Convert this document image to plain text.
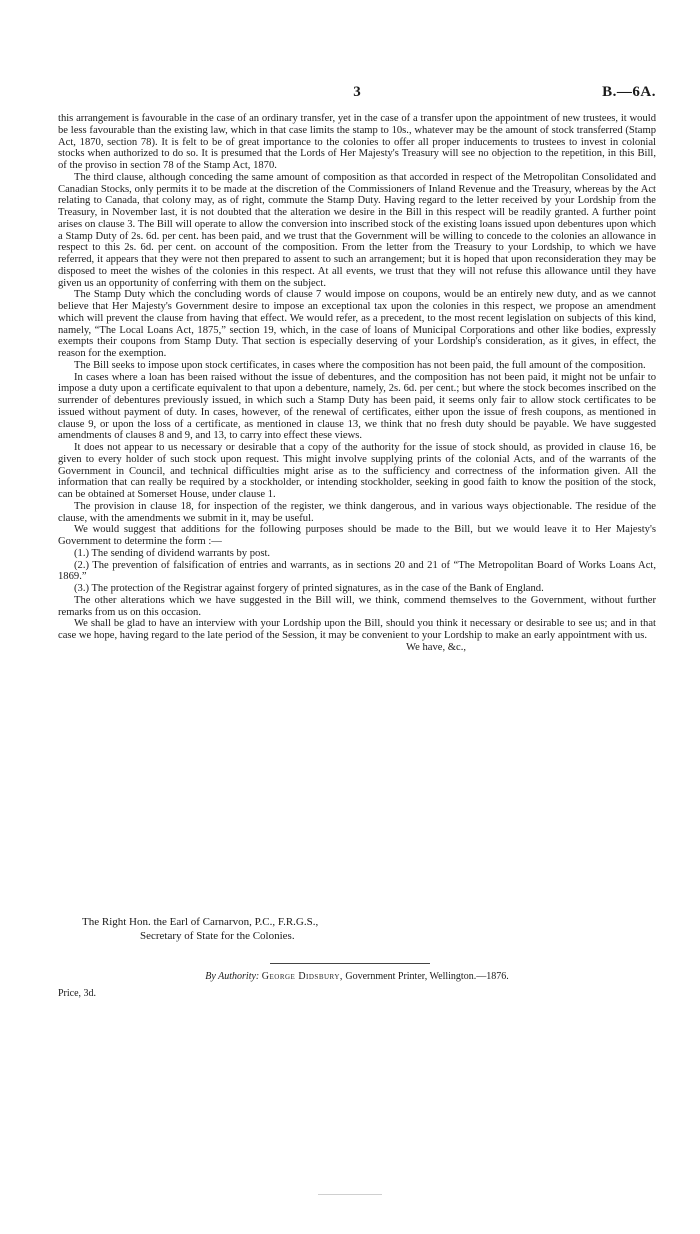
3	B.—6A.

this arrangement is favourable in the case of an ordinary transfer, yet in the case of a transfer upon the appointment of new trustees, it would be less favourable than the existing law, which in that case limits the stamp to 10s., whatever may be the amount of stock transferred (Stamp Act, 1870, section 78). It is felt to be of great importance to the colonies to offer all proper inducements to trustees to invest in colonial stocks when authorized to do so. It is presumed that the Lords of Her Majesty's Treasury will see no objection to the repetition, in this Bill, of the proviso in section 78 of the Stamp Act, 1870.

The third clause, although conceding the same amount of composition as that accorded in respect of the Metropolitan Consolidated and Canadian Stocks, only permits it to be made at the discretion of the Commissioners of Inland Revenue and the Treasury, whereas by the Act relating to Canada, that colony may, as of right, commute the Stamp Duty. Having regard to the letter received by your Lordship from the Treasury, in November last, it is not doubted that the alteration we desire in the Bill in this respect will be readily granted. A further point arises on clause 3. The Bill will operate to allow the conversion into inscribed stock of the existing loans issued upon debentures upon which a Stamp Duty of 2s. 6d. per cent. has been paid, and we trust that the Government will be willing to concede to the colonies an allowance in respect to this 2s. 6d. per cent. on account of the composition. From the letter from the Treasury to your Lordship, to which we have referred, it appears that they were not then prepared to assent to such an arrangement; but it is hoped that upon reconsideration they may be disposed to meet the wishes of the colonies in this respect. At all events, we trust that they will not refuse this allowance until they have given us an opportunity of conferring with them on the subject.

The Stamp Duty which the concluding words of clause 7 would impose on coupons, would be an entirely new duty, and as we cannot believe that Her Majesty's Government desire to impose an exceptional tax upon the colonies in this respect, we propose an amendment which will prevent the clause from having that effect. We would refer, as a precedent, to the most recent legislation on subjects of this kind, namely, “The Local Loans Act, 1875,” section 19, which, in the case of loans of Municipal Corporations and other like bodies, expressly exempts their coupons from Stamp Duty. That section is especially deserving of your Lordship's consideration, as it gives, in effect, the reason for the exemption.

The Bill seeks to impose upon stock certificates, in cases where the composition has not been paid, the full amount of the composition.

In cases where a loan has been raised without the issue of debentures, and the composition has not been paid, it might not be unfair to impose a duty upon a certificate equivalent to that upon a debenture, namely, 2s. 6d. per cent.; but where the stock becomes inscribed on the surrender of debentures previously issued, in which such a Stamp Duty has been paid, it seems only fair to allow stock certificates to be issued without payment of duty. In cases, however, of the renewal of certificates, either upon the issue of fresh coupons, as mentioned in clause 9, or upon the loss of a certificate, as mentioned in clause 13, we think that no fresh duty should be payable. We have suggested amendments of clauses 8 and 9, and 13, to carry into effect these views.

It does not appear to us necessary or desirable that a copy of the authority for the issue of stock should, as provided in clause 16, be given to every holder of such stock upon request. This might involve supplying prints of the colonial Acts, and of the warrants of the Government in Council, and technical difficulties might arise as to the sufficiency and correctness of the information given. All the information that can really be required by a stockholder, or intending stockholder, seeking in good faith to know the position of the stock, can be obtained at Somerset House, under clause 1.

The provision in clause 18, for inspection of the register, we think dangerous, and in various ways objectionable. The residue of the clause, with the amendments we submit in it, may be useful.

We would suggest that additions for the following purposes should be made to the Bill, but we would leave it to Her Majesty's Government to determine the form :—

(1.) The sending of dividend warrants by post.

(2.) The prevention of falsification of entries and warrants, as in sections 20 and 21 of “The Metropolitan Board of Works Loans Act, 1869.”

(3.) The protection of the Registrar against forgery of printed signatures, as in the case of the Bank of England.

The other alterations which we have suggested in the Bill will, we think, commend themselves to the Government, without further remarks from us on this occasion.

We shall be glad to have an interview with your Lordship upon the Bill, should you think it necessary or desirable to see us; and in that case we hope, having regard to the late period of the Session, it may be convenient to your Lordship to make an early appointment with us.

We have, &c.,
The Right Hon. the Earl of Carnarvon, P.C., F.R.G.S.,
Secretary of State for the Colonies.
By Authority: George Didsbury, Government Printer, Wellington.—1876.
Price, 3d.
